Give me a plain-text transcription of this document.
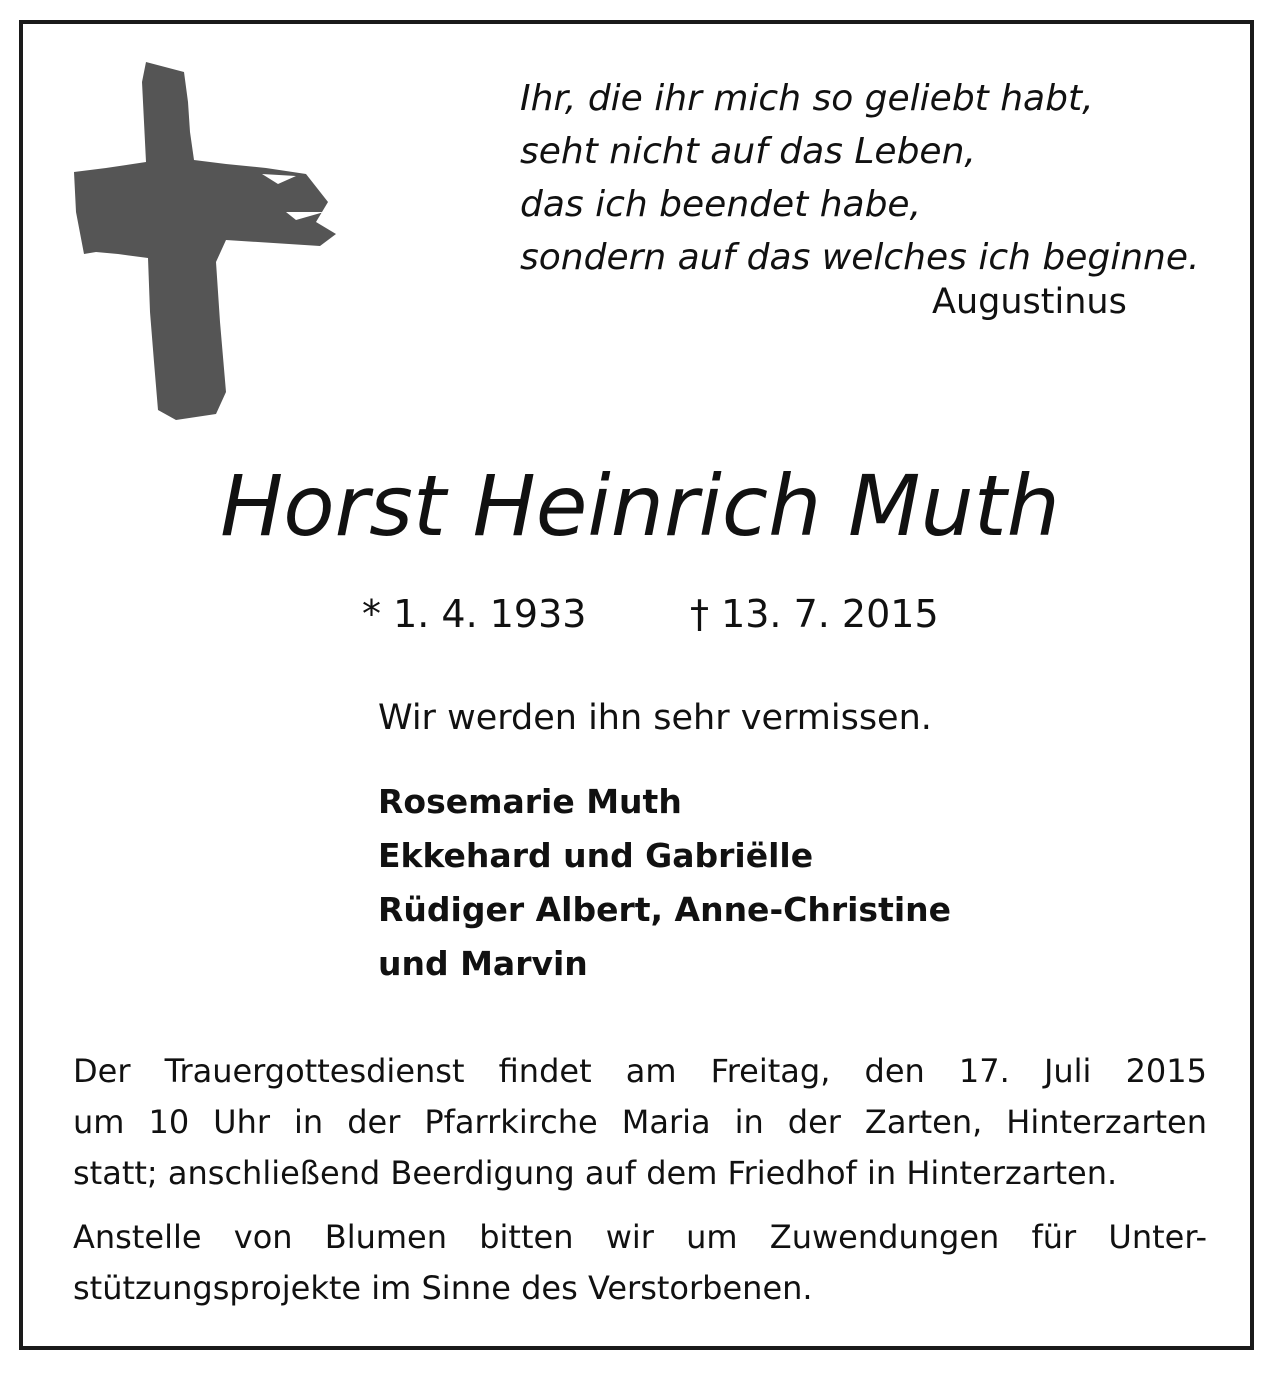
Ihr, die ihr mich so geliebt habt,
seht nicht auf das Leben,
das ich beendet habe,
sondern auf das welches ich beginne.
Augustinus
Horst Heinrich Muth
* 1. 4. 1933	† 13. 7. 2015
Wir werden ihn sehr vermissen.
Rosemarie Muth
Ekkehard und Gabriëlle
Rüdiger Albert, Anne-Christine
und Marvin
Der Trauergottesdienst findet am Freitag, den 17. Juli 2015
um 10 Uhr in der Pfarrkirche Maria in der Zarten, Hinterzarten
statt; anschließend Beerdigung auf dem Friedhof in Hinterzarten.
Anstelle von Blumen bitten wir um Zuwendungen für Unter-
stützungsprojekte im Sinne des Verstorbenen.
